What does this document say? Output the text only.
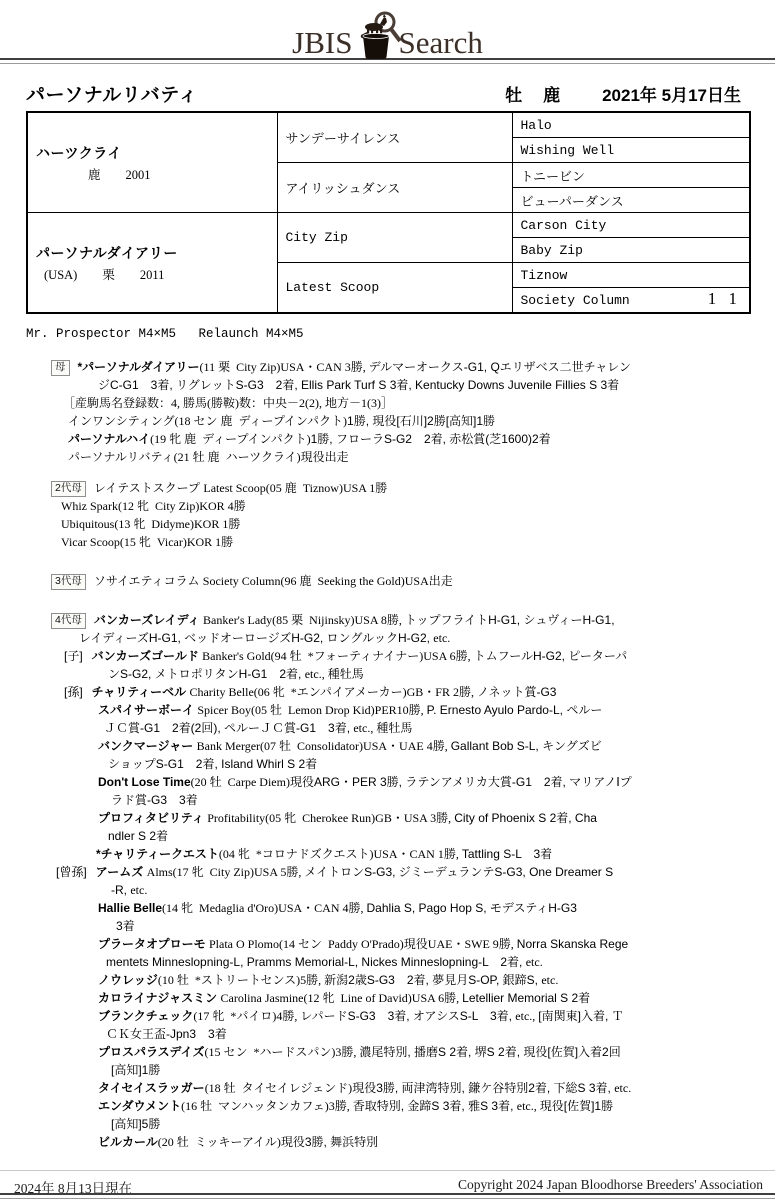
JBIS Search
パーソナルリバティ	牡　鹿 2021年 5月17日生
ハーツクライ
鹿　　2001	サンデーサイレンス	Halo
		Wishing Well
	アイリッシュダンス	トニービン
		ビューパーダンス

パーソナルダイアリー
(USA)　　栗　　2011	City Zip	Carson City
		Baby Zip
	Latest Scoop	Tiznow
		Society Column 1 1
Mr. Prospector M4×M5   Relaunch M4×M5
母 *パーソナルダイアリー(11 栗  City Zip)USA・CAN 3勝, デルマーオークス-G1, Qエリザベス二世チャレン
ジC-G1　3着, リグレットS-G3　2着, Ellis Park Turf S 3着, Kentucky Downs Juvenile Fillies S 3着
［産駒馬名登録数：4, 勝馬(勝鞍)数：中央－2(2), 地方－1(3)］
インワンシティング(18 セン 鹿  ディープインパクト)1勝, 現役[石川]2勝[高知]1勝
パーソナルハイ(19 牝 鹿  ディープインパクト)1勝, フローラS-G2　2着, 赤松賞(芝1600)2着
パーソナルリバティ(21 牡 鹿  ハーツクライ)現役出走
2代母 レイテストスクープ Latest Scoop(05 鹿  Tiznow)USA 1勝
Whiz Spark(12 牝  City Zip)KOR 4勝
Ubiquitous(13 牝  Didyme)KOR 1勝
Vicar Scoop(15 牝  Vicar)KOR 1勝
3代母 ソサイエティコラム Society Column(96 鹿  Seeking the Gold)USA出走
4代母 バンカーズレイディ Banker's Lady(85 栗  Nijinsky)USA 8勝, トップフライトH-G1, シュヴィーH-G1,
レイディーズH-G1, ベッドオーロージズH-G2, ロングルックH-G2, etc.
[子] バンカーズゴールド Banker's Gold(94 牡  *フォーティナイナー)USA 6勝, トムフールH-G2, ピーターパ
ンS-G2, メトロポリタンH-G1　2着, etc., 種牡馬
[孫] チャリティーベル Charity Belle(06 牝  *エンパイアメーカー)GB・FR 2勝, ノネット賞-G3
スパイサーボーイ Spicer Boy(05 牡  Lemon Drop Kid)PER10勝, P. Ernesto Ayulo Pardo-L, ペルー
ＪＣ賞-G1　2着(2回), ペルーＪＣ賞-G1　3着, etc., 種牡馬
バンクマージャー Bank Merger(07 牡  Consolidator)USA・UAE 4勝, Gallant Bob S-L, キングズビ
ショップS-G1　2着, Island Whirl S 2着
Don't Lose Time(20 牡  Carpe Diem)現役ARG・PER 3勝, ラテンアメリカ大賞-G1　2着, マリアノⅠプ
ラド賞-G3　3着
プロフィタビリティ Profitability(05 牝  Cherokee Run)GB・USA 3勝, City of Phoenix S 2着, Cha
ndler S 2着
*チャリティークエスト(04 牝  *コロナドズクエスト)USA・CAN 1勝, Tattling S-L　3着
[曾孫] アームズ Alms(17 牝  City Zip)USA 5勝, メイトロンS-G3, ジミーデュランテS-G3, One Dreamer S
-R, etc.
Hallie Belle(14 牝  Medaglia d'Oro)USA・CAN 4勝, Dahlia S, Pago Hop S, モデスティH-G3
3着
プラータオプローモ Plata O Plomo(14 セン  Paddy O'Prado)現役UAE・SWE 9勝, Norra Skanska Rege
mentets Minneslopning-L, Pramms Memorial-L, Nickes Minneslopning-L　2着, etc.
ノウレッジ(10 牡  *ストリートセンス)5勝, 新潟2歳S-G3　2着, 夢見月S-OP, 銀蹄S, etc.
カロライナジャスミン Carolina Jasmine(12 牝  Line of David)USA 6勝, Letellier Memorial S 2着
ブランクチェック(17 牝  *パイロ)4勝, レパードS-G3　3着, オアシスS-L　3着, etc., [南関東]入着, Ｔ
ＣＫ女王盃-Jpn3　3着
プロスパラスデイズ(15 セン  *ハードスパン)3勝, 濃尾特別, 播磨S 2着, 堺S 2着, 現役[佐賀]入着2回
[高知]1勝
タイセイスラッガー(18 牡  タイセイレジェンド)現役3勝, 両津湾特別, 鎌ケ谷特別2着, 下総S 3着, etc.
エンダウメント(16 牡  マンハッタンカフェ)3勝, 香取特別, 金蹄S 3着, 雅S 3着, etc., 現役[佐賀]1勝
[高知]5勝
ビルカール(20 牡  ミッキーアイル)現役3勝, 舞浜特別
2024年 8月13日現在	Copyright 2024 Japan Bloodhorse Breeders' Association
